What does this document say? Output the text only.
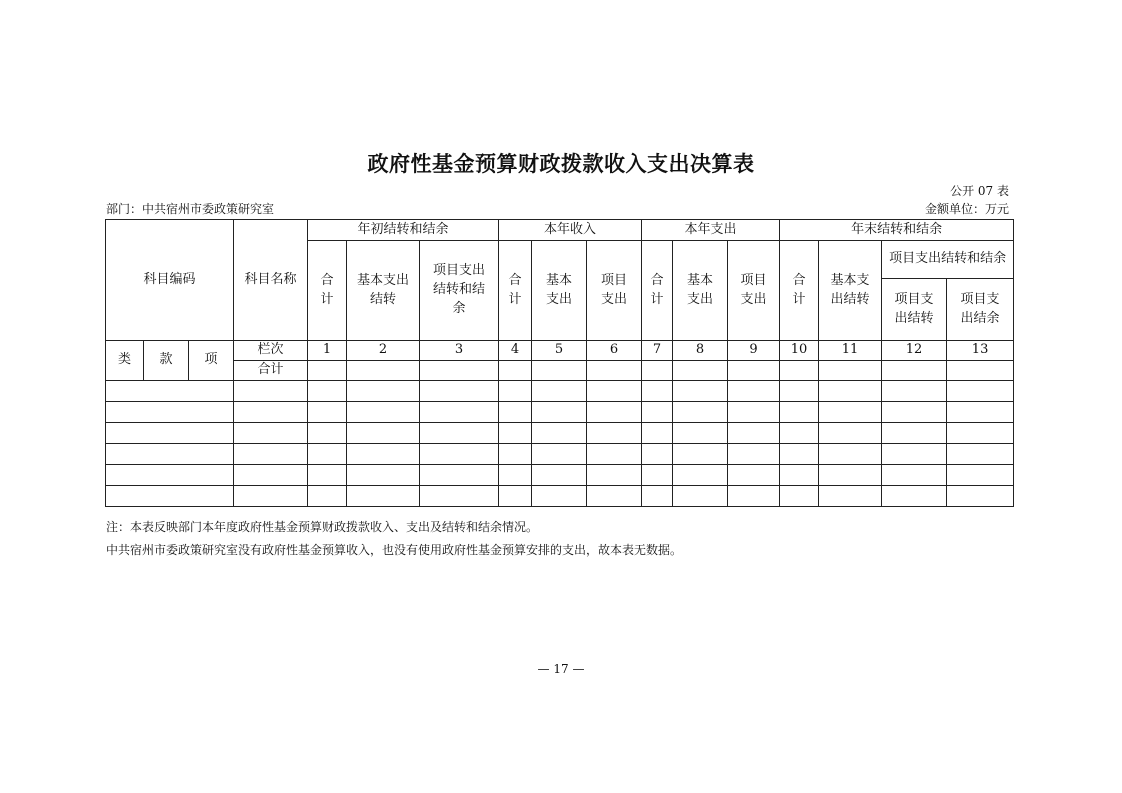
政府性基金预算财政拨款收入支出决算表
公开 07 表
部门：中共宿州市委政策研究室	金额单位：万元
科目编码			科目名称	年初结转和结余			本年收入			本年支出			年末结转和结余			

				合计	基本支出结转	项目支出结转和结余	合计	基本支出	项目支出	合计	基本支出	项目支出	合计	基本支出结转	项目支出结转和结余	

															项目支出结转	项目支出结余

类	款	项	栏次	1	2	3	4	5	6	7	8	9	10	11	12	13
			合计													

注：本表反映部门本年度政府性基金预算财政拨款收入、支出及结转和结余情况。
中共宿州市委政策研究室没有政府性基金预算收入，也没有使用政府性基金预算安排的支出，故本表无数据。
— 17 —
